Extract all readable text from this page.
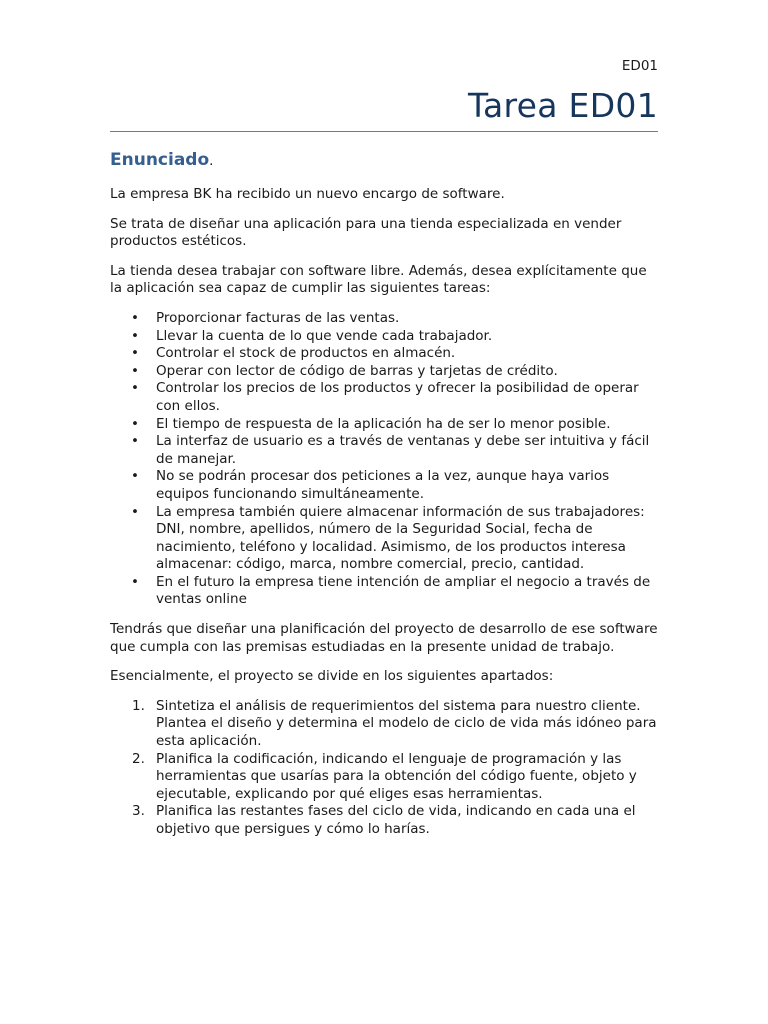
ED01
Tarea ED01
Enunciado.

La empresa BK ha recibido un nuevo encargo de software.

Se trata de diseñar una aplicación para una tienda especializada en vender productos estéticos.

La tienda desea trabajar con software libre. Además, desea explícitamente que la aplicación sea capaz de cumplir las siguientes tareas:

• Proporcionar facturas de las ventas.
• Llevar la cuenta de lo que vende cada trabajador.
• Controlar el stock de productos en almacén.
• Operar con lector de código de barras y tarjetas de crédito.
• Controlar los precios de los productos y ofrecer la posibilidad de operar con ellos.
• El tiempo de respuesta de la aplicación ha de ser lo menor posible.
• La interfaz de usuario es a través de ventanas y debe ser intuitiva y fácil de manejar.
• No se podrán procesar dos peticiones a la vez, aunque haya varios equipos funcionando simultáneamente.
• La empresa también quiere almacenar información de sus trabajadores: DNI, nombre, apellidos, número de la Seguridad Social, fecha de nacimiento, teléfono y localidad. Asimismo, de los productos interesa almacenar: código, marca, nombre comercial, precio, cantidad.
• En el futuro la empresa tiene intención de ampliar el negocio a través de ventas online

Tendrás que diseñar una planificación del proyecto de desarrollo de ese software que cumpla con las premisas estudiadas en la presente unidad de trabajo.

Esencialmente, el proyecto se divide en los siguientes apartados:

1. Sintetiza el análisis de requerimientos del sistema para nuestro cliente. Plantea el diseño y determina el modelo de ciclo de vida más idóneo para esta aplicación.
2. Planifica la codificación, indicando el lenguaje de programación y las herramientas que usarías para la obtención del código fuente, objeto y ejecutable, explicando por qué eliges esas herramientas.
3. Planifica las restantes fases del ciclo de vida, indicando en cada una el objetivo que persigues y cómo lo harías.
